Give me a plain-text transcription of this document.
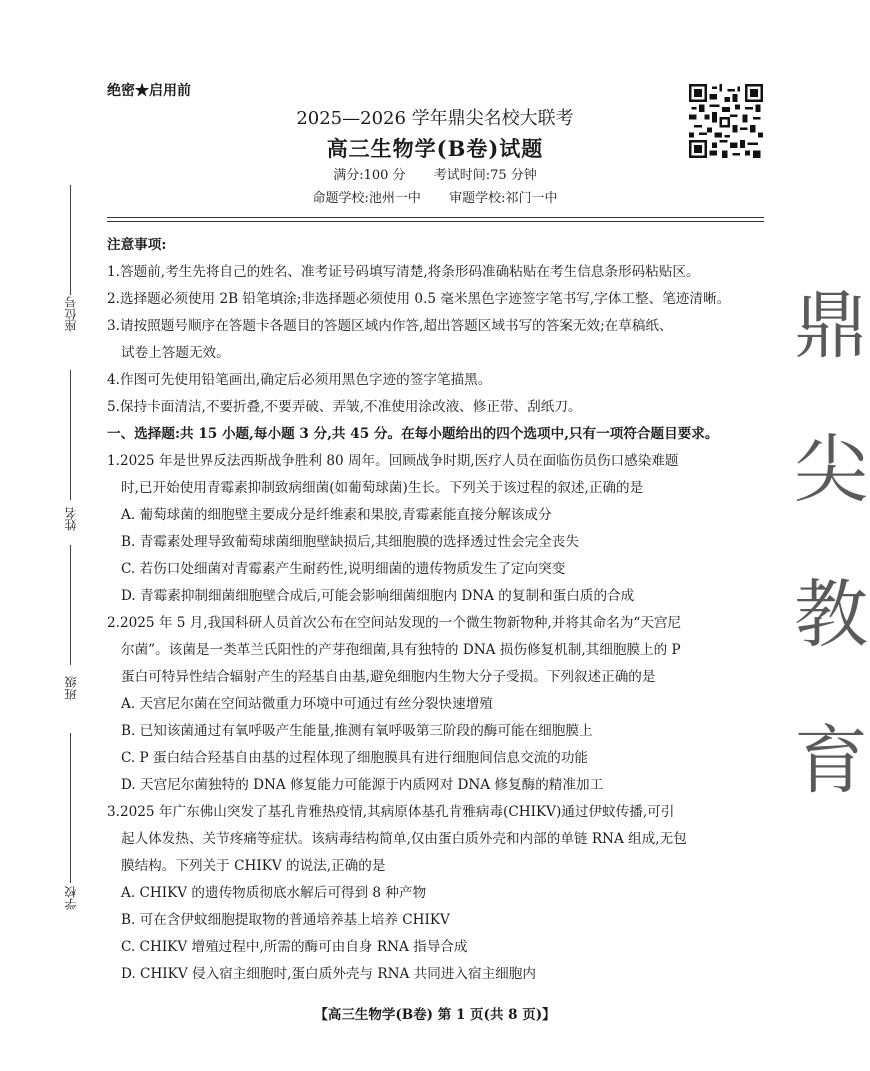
绝密★启用前
2025—2026 学年鼎尖名校大联考
高三生物学(B卷)试题
满分:100 分 考试时间:75 分钟
命题学校:池州一中 审题学校:祁门一中
座位号
姓名
班级
学校
鼎
尖
教
育
注意事项:
1.答题前,考生先将自己的姓名、准考证号码填写清楚,将条形码准确粘贴在考生信息条形码粘贴区。
2.选择题必须使用 2B 铅笔填涂;非选择题必须使用 0.5 毫米黑色字迹签字笔书写,字体工整、笔迹清晰。
3.请按照题号顺序在答题卡各题目的答题区域内作答,超出答题区域书写的答案无效;在草稿纸、
试卷上答题无效。
4.作图可先使用铅笔画出,确定后必须用黑色字迹的签字笔描黑。
5.保持卡面清洁,不要折叠,不要弄破、弄皱,不准使用涂改液、修正带、刮纸刀。
一、选择题:共 15 小题,每小题 3 分,共 45 分。在每小题给出的四个选项中,只有一项符合题目要求。
1.2025 年是世界反法西斯战争胜利 80 周年。回顾战争时期,医疗人员在面临伤员伤口感染难题
时,已开始使用青霉素抑制致病细菌(如葡萄球菌)生长。下列关于该过程的叙述,正确的是
A. 葡萄球菌的细胞壁主要成分是纤维素和果胶,青霉素能直接分解该成分
B. 青霉素处理导致葡萄球菌细胞壁缺损后,其细胞膜的选择透过性会完全丧失
C. 若伤口处细菌对青霉素产生耐药性,说明细菌的遗传物质发生了定向突变
D. 青霉素抑制细菌细胞壁合成后,可能会影响细菌细胞内 DNA 的复制和蛋白质的合成
2.2025 年 5 月,我国科研人员首次公布在空间站发现的一个微生物新物种,并将其命名为“天宫尼
尔菌”。该菌是一类革兰氏阳性的产芽孢细菌,具有独特的 DNA 损伤修复机制,其细胞膜上的 P
蛋白可特异性结合辐射产生的羟基自由基,避免细胞内生物大分子受损。下列叙述正确的是
A. 天宫尼尔菌在空间站微重力环境中可通过有丝分裂快速增殖
B. 已知该菌通过有氧呼吸产生能量,推测有氧呼吸第三阶段的酶可能在细胞膜上
C. P 蛋白结合羟基自由基的过程体现了细胞膜具有进行细胞间信息交流的功能
D. 天宫尼尔菌独特的 DNA 修复能力可能源于内质网对 DNA 修复酶的精准加工
3.2025 年广东佛山突发了基孔肯雅热疫情,其病原体基孔肯雅病毒(CHIKV)通过伊蚊传播,可引
起人体发热、关节疼痛等症状。该病毒结构简单,仅由蛋白质外壳和内部的单链 RNA 组成,无包
膜结构。下列关于 CHIKV 的说法,正确的是
A. CHIKV 的遗传物质彻底水解后可得到 8 种产物
B. 可在含伊蚊细胞提取物的普通培养基上培养 CHIKV
C. CHIKV 增殖过程中,所需的酶可由自身 RNA 指导合成
D. CHIKV 侵入宿主细胞时,蛋白质外壳与 RNA 共同进入宿主细胞内
【高三生物学(B卷) 第 1 页(共 8 页)】
